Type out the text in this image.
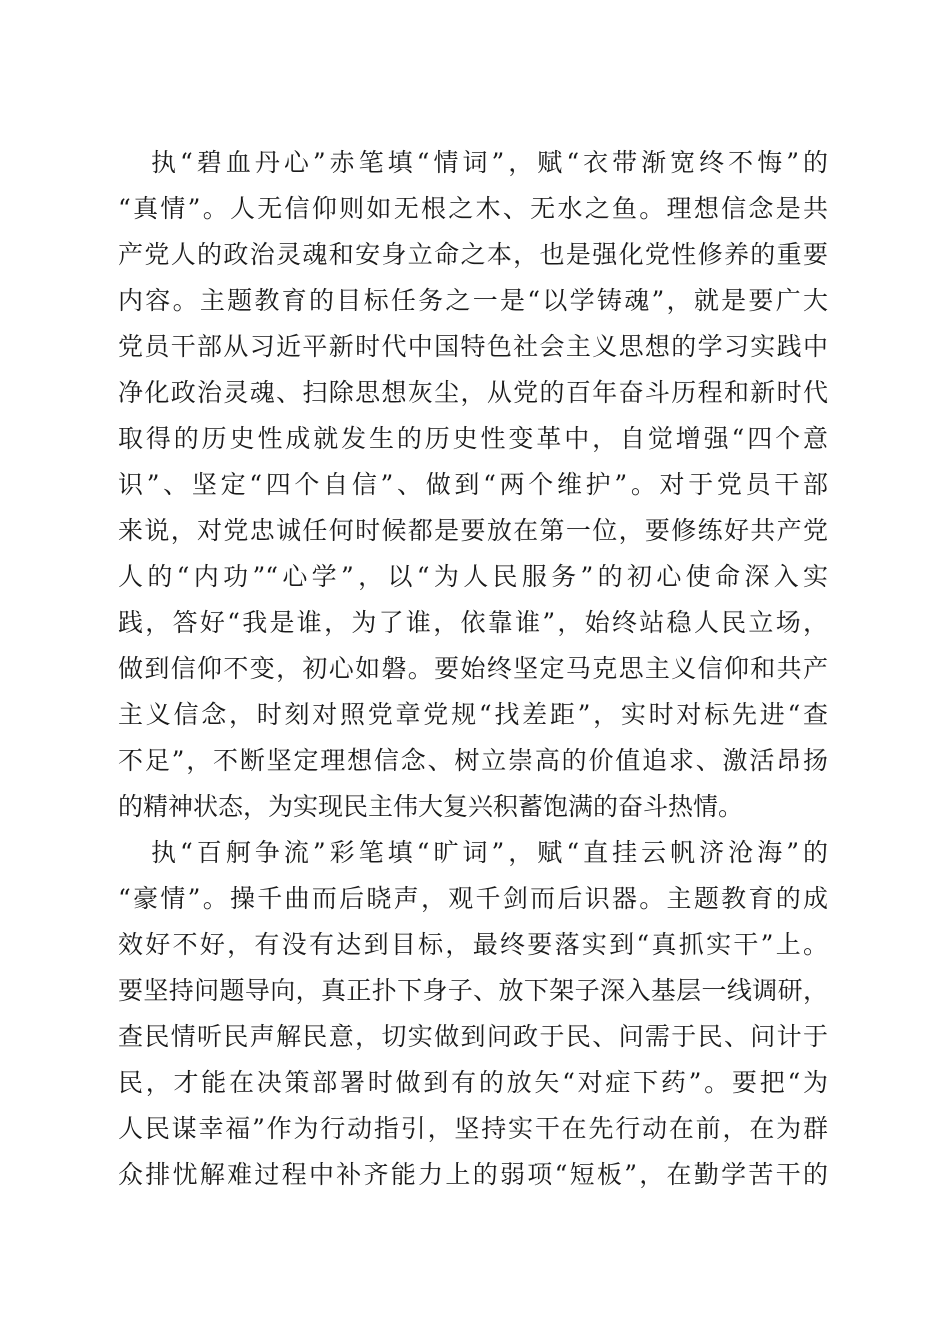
执“碧血丹心”赤笔填“情词”，赋“衣带渐宽终不悔”的
“真情”。人无信仰则如无根之木、无水之鱼。理想信念是共
产党人的政治灵魂和安身立命之本，也是强化党性修养的重要
内容。主题教育的目标任务之一是“以学铸魂”，就是要广大
党员干部从习近平新时代中国特色社会主义思想的学习实践中
净化政治灵魂、扫除思想灰尘，从党的百年奋斗历程和新时代
取得的历史性成就发生的历史性变革中，自觉增强“四个意
识”、坚定“四个自信”、做到“两个维护”。对于党员干部
来说，对党忠诚任何时候都是要放在第一位，要修练好共产党
人的“内功”“心学”，以“为人民服务”的初心使命深入实
践，答好“我是谁，为了谁，依靠谁”，始终站稳人民立场，
做到信仰不变，初心如磐。要始终坚定马克思主义信仰和共产
主义信念，时刻对照党章党规“找差距”，实时对标先进“查
不足”，不断坚定理想信念、树立崇高的价值追求、激活昂扬
的精神状态，为实现民主伟大复兴积蓄饱满的奋斗热情。
执“百舸争流”彩笔填“旷词”，赋“直挂云帆济沧海”的
“豪情”。操千曲而后晓声，观千剑而后识器。主题教育的成
效好不好，有没有达到目标，最终要落实到“真抓实干”上。
要坚持问题导向，真正扑下身子、放下架子深入基层一线调研，
查民情听民声解民意，切实做到问政于民、问需于民、问计于
民，才能在决策部署时做到有的放矢“对症下药”。要把“为
人民谋幸福”作为行动指引，坚持实干在先行动在前，在为群
众排忧解难过程中补齐能力上的弱项“短板”，在勤学苦干的
